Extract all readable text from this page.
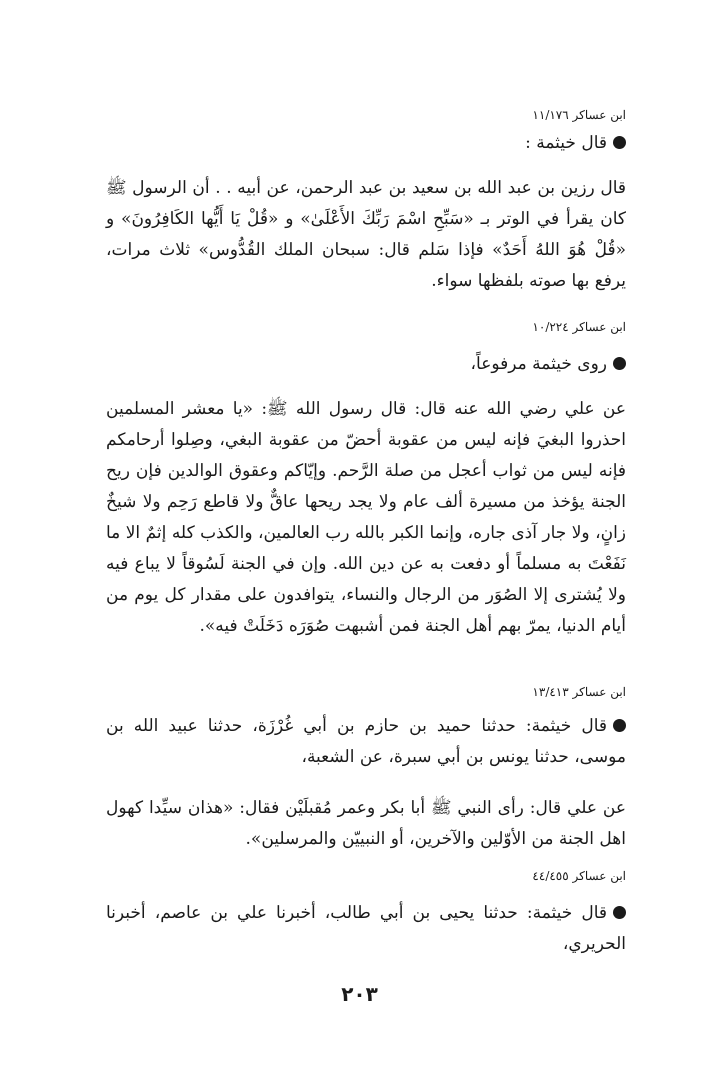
ابن عساكر ١١/١٧٦
قال خيثمة :
قال رزين بن عبد الله بن سعيد بن عبد الرحمن، عن أبيه . . أن الرسول ﷺ كان يقرأ في الوتر بـ «سَبِّحِ اسْمَ رَبِّكَ الأَعْلَىٰ» و «قُلْ يَا أَيُّها الكَافِرُونَ» و «قُلْ هُوَ اللهُ أَحَدٌ» فإذا سَلم قال: سبحان الملك القُدُّوس» ثلاث مرات، يرفع بها صوته بلفظها سواء.
ابن عساكر ١٠/٢٢٤
روى خيثمة مرفوعاً،
عن علي رضي الله عنه قال: قال رسول الله ﷺ: «يا معشر المسلمين احذروا البغيَ فإنه ليس من عقوبة أحضّ من عقوبة البغي، وصِلوا أرحامكم فإنه ليس من ثواب أعجل من صلة الرَّحم. وإيّاكم وعقوق الوالدين فإن ريح الجنة يؤخذ من مسيرة ألف عام ولا يجد ريحها عاقٌّ ولا قاطع رَحِم ولا شيخٌ زانٍ، ولا جار آذى جاره، وإنما الكبر بالله رب العالمين، والكذب كله إثمٌ الا ما نَفَعْتَ به مسلماً أو دفعت به عن دين الله. وإن في الجنة لَسُوقاً لا يباع فيه ولا يُشترى إلا الصُوَر من الرجال والنساء، يتوافدون على مقدار كل يوم من أيام الدنيا، يمرّ بهم أهل الجنة فمن أشبهت صُوَرَه دَخَلَتْ فيه».
ابن عساكر ١٣/٤١٣
قال خيثمة: حدثنا حميد بن حازم بن أبي غُرْزَة، حدثنا عبيد الله بن موسى، حدثنا يونس بن أبي سبرة، عن الشعبة،
عن علي قال: رأى النبي ﷺ أبا بكر وعمر مُقبلَيْن فقال: «هذان سيِّدا كهول اهل الجنة من الأوّلين والآخرين، أو النبييّن والمرسلين».
ابن عساكر ٤٤/٤٥٥
قال خيثمة: حدثنا يحيى بن أبي طالب، أخبرنا علي بن عاصم، أخبرنا الحريري،
٢٠٣
